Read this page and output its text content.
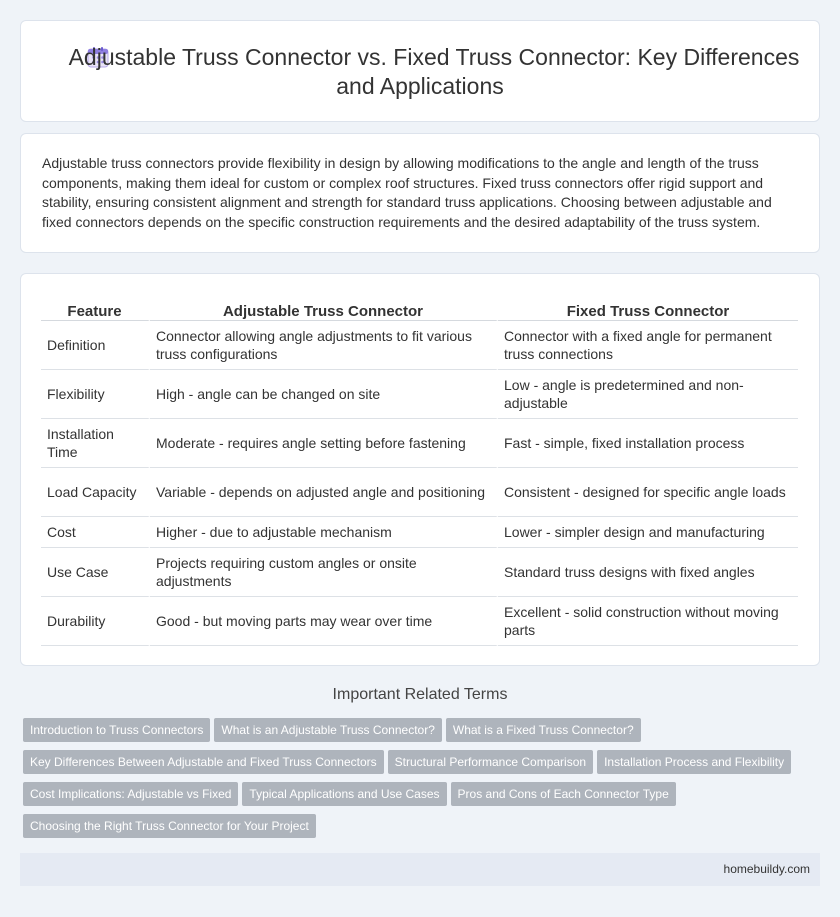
Adjustable Truss Connector vs. Fixed Truss Connector: Key Differences and Applications
Adjustable truss connectors provide flexibility in design by allowing modifications to the angle and length of the truss components, making them ideal for custom or complex roof structures. Fixed truss connectors offer rigid support and stability, ensuring consistent alignment and strength for standard truss applications. Choosing between adjustable and fixed connectors depends on the specific construction requirements and the desired adaptability of the truss system.
Feature	Adjustable Truss Connector	Fixed Truss Connector
Definition	Connector allowing angle adjustments to fit various truss configurations	Connector with a fixed angle for permanent truss connections
Flexibility	High - angle can be changed on site	Low - angle is predetermined and non-adjustable
Installation Time	Moderate - requires angle setting before fastening	Fast - simple, fixed installation process
Load Capacity	Variable - depends on adjusted angle and positioning	Consistent - designed for specific angle loads
Cost	Higher - due to adjustable mechanism	Lower - simpler design and manufacturing
Use Case	Projects requiring custom angles or onsite adjustments	Standard truss designs with fixed angles
Durability	Good - but moving parts may wear over time	Excellent - solid construction without moving parts
Important Related Terms
Introduction to Truss Connectors What is an Adjustable Truss Connector? What is a Fixed Truss Connector?
Key Differences Between Adjustable and Fixed Truss Connectors Structural Performance Comparison Installation Process and Flexibility
Cost Implications: Adjustable vs Fixed Typical Applications and Use Cases Pros and Cons of Each Connector Type
Choosing the Right Truss Connector for Your Project
homebuildy.com
